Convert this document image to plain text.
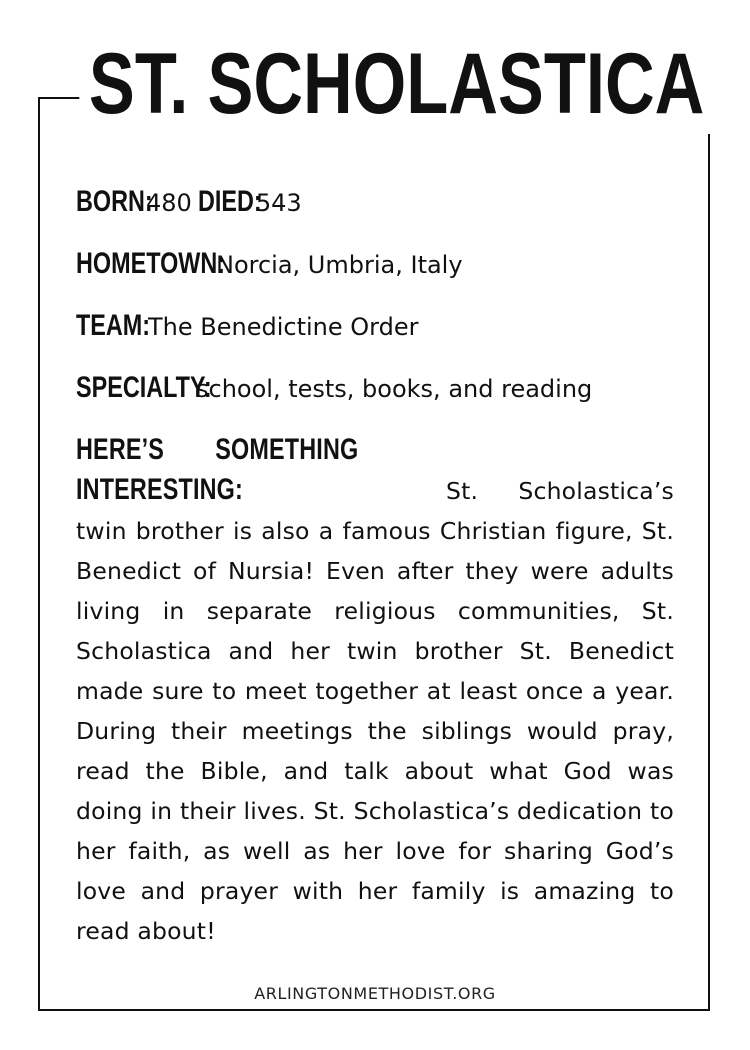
ST. SCHOLASTICA

BORN:480 DIED:543

HOMETOWN:Norcia, Umbria, Italy

TEAM:The Benedictine Order

SPECIALTY:school, tests, books, and reading

HERE’S SOMETHING INTERESTING:	St. Scholastica’s twin brother is also a famous Christian figure, St. Benedict of Nursia! Even after they were adults living in separate religious communities, St. Scholastica and her twin brother St. Benedict made sure to meet together at least once a year. During their meetings the siblings would pray, read the Bible, and talk about what God was doing in their lives. St. Scholastica’s dedication to her faith, as well as her love for sharing God’s love and prayer with her family is amazing to read about!

ARLINGTONMETHODIST.ORG
